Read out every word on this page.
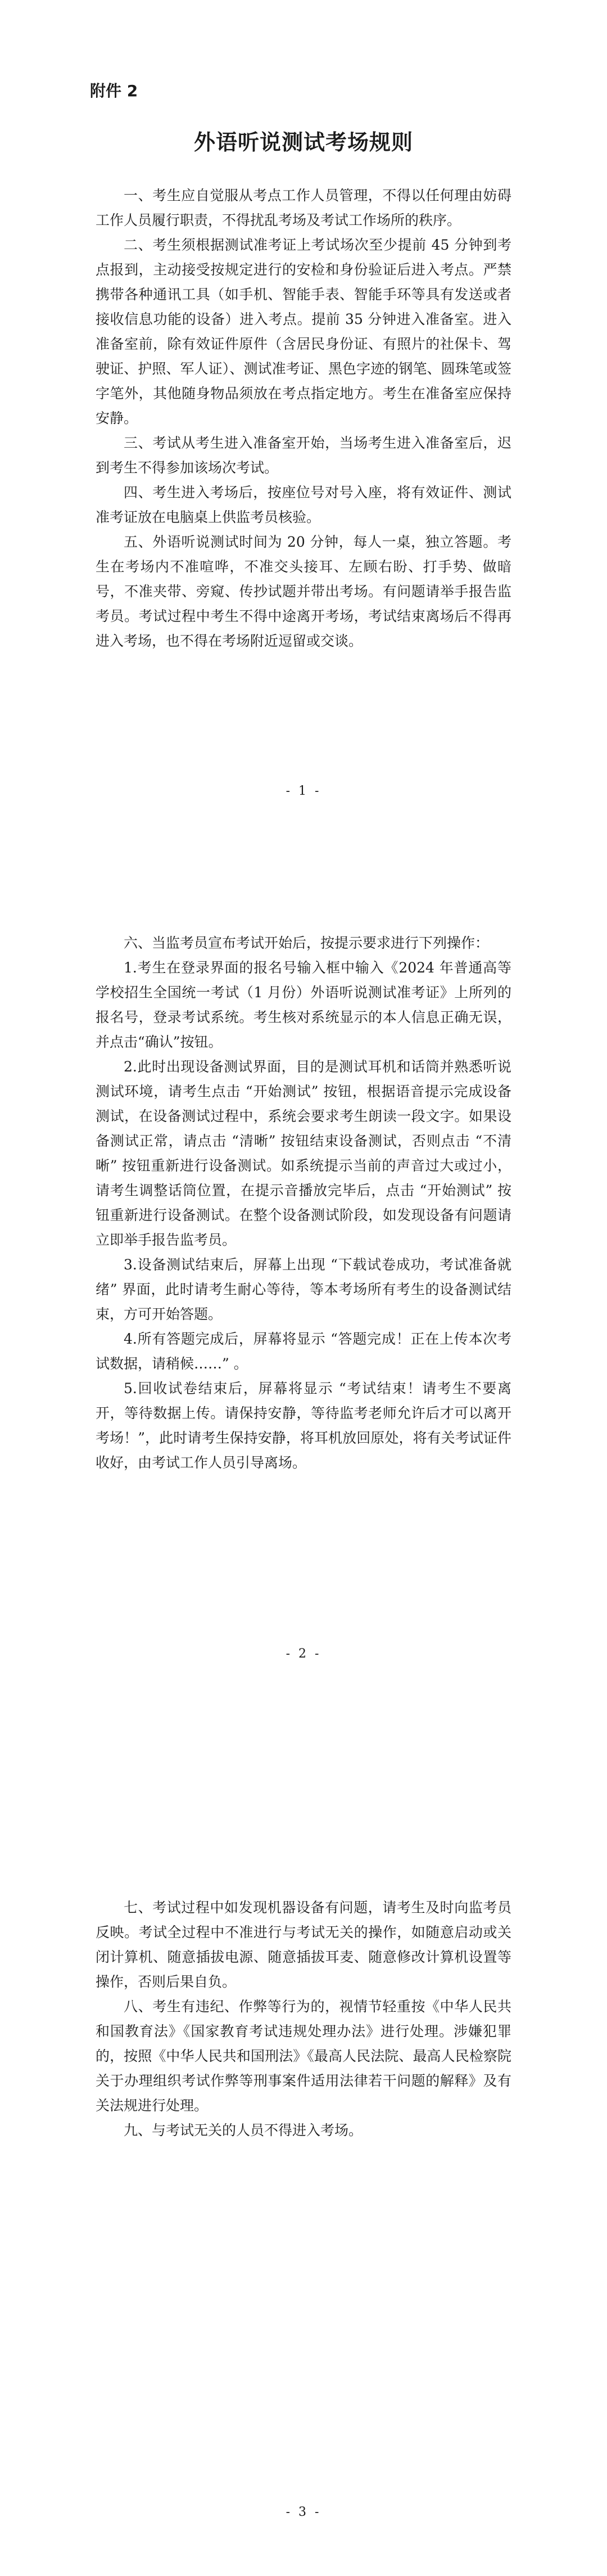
附件 2
外语听说测试考场规则

一、考生应自觉服从考点工作人员管理，不得以任何理由妨碍工作人员履行职责，不得扰乱考场及考试工作场所的秩序。

二、考生须根据测试准考证上考试场次至少提前 45 分钟到考点报到，主动接受按规定进行的安检和身份验证后进入考点。严禁携带各种通讯工具（如手机、智能手表、智能手环等具有发送或者接收信息功能的设备）进入考点。提前 35 分钟进入准备室。进入准备室前，除有效证件原件（含居民身份证、有照片的社保卡、驾驶证、护照、军人证）、测试准考证、黑色字迹的钢笔、圆珠笔或签字笔外，其他随身物品须放在考点指定地方。考生在准备室应保持安静。

三、考试从考生进入准备室开始，当场考生进入准备室后，迟到考生不得参加该场次考试。

四、考生进入考场后，按座位号对号入座，将有效证件、测试准考证放在电脑桌上供监考员核验。

五、外语听说测试时间为 20 分钟，每人一桌，独立答题。考生在考场内不准喧哗，不准交头接耳、左顾右盼、打手势、做暗号，不准夹带、旁窥、传抄试题并带出考场。有问题请举手报告监考员。考试过程中考生不得中途离开考场，考试结束离场后不得再进入考场，也不得在考场附近逗留或交谈。

- 1 -

六、当监考员宣布考试开始后，按提示要求进行下列操作：

1.考生在登录界面的报名号输入框中输入《2024 年普通高等学校招生全国统一考试（1 月份）外语听说测试准考证》上所列的报名号，登录考试系统。考生核对系统显示的本人信息正确无误，并点击“确认”按钮。

2.此时出现设备测试界面，目的是测试耳机和话筒并熟悉听说测试环境，请考生点击 “开始测试” 按钮，根据语音提示完成设备测试，在设备测试过程中，系统会要求考生朗读一段文字。如果设备测试正常，请点击 “清晰” 按钮结束设备测试，否则点击 “不清晰” 按钮重新进行设备测试。如系统提示当前的声音过大或过小，请考生调整话筒位置，在提示音播放完毕后，点击 “开始测试” 按钮重新进行设备测试。在整个设备测试阶段，如发现设备有问题请立即举手报告监考员。

3.设备测试结束后，屏幕上出现 “下载试卷成功，考试准备就绪” 界面，此时请考生耐心等待，等本考场所有考生的设备测试结束，方可开始答题。

4.所有答题完成后，屏幕将显示 “答题完成！正在上传本次考试数据，请稍候……” 。

5.回收试卷结束后，屏幕将显示 “考试结束！请考生不要离开，等待数据上传。请保持安静，等待监考老师允许后才可以离开考场！”，此时请考生保持安静，将耳机放回原处，将有关考试证件收好，由考试工作人员引导离场。

- 2 -

七、考试过程中如发现机器设备有问题，请考生及时向监考员反映。考试全过程中不准进行与考试无关的操作，如随意启动或关闭计算机、随意插拔电源、随意插拔耳麦、随意修改计算机设置等操作，否则后果自负。

八、考生有违纪、作弊等行为的，视情节轻重按《中华人民共和国教育法》《国家教育考试违规处理办法》进行处理。涉嫌犯罪的，按照《中华人民共和国刑法》《最高人民法院、最高人民检察院关于办理组织考试作弊等刑事案件适用法律若干问题的解释》及有关法规进行处理。

九、与考试无关的人员不得进入考场。

- 3 -
